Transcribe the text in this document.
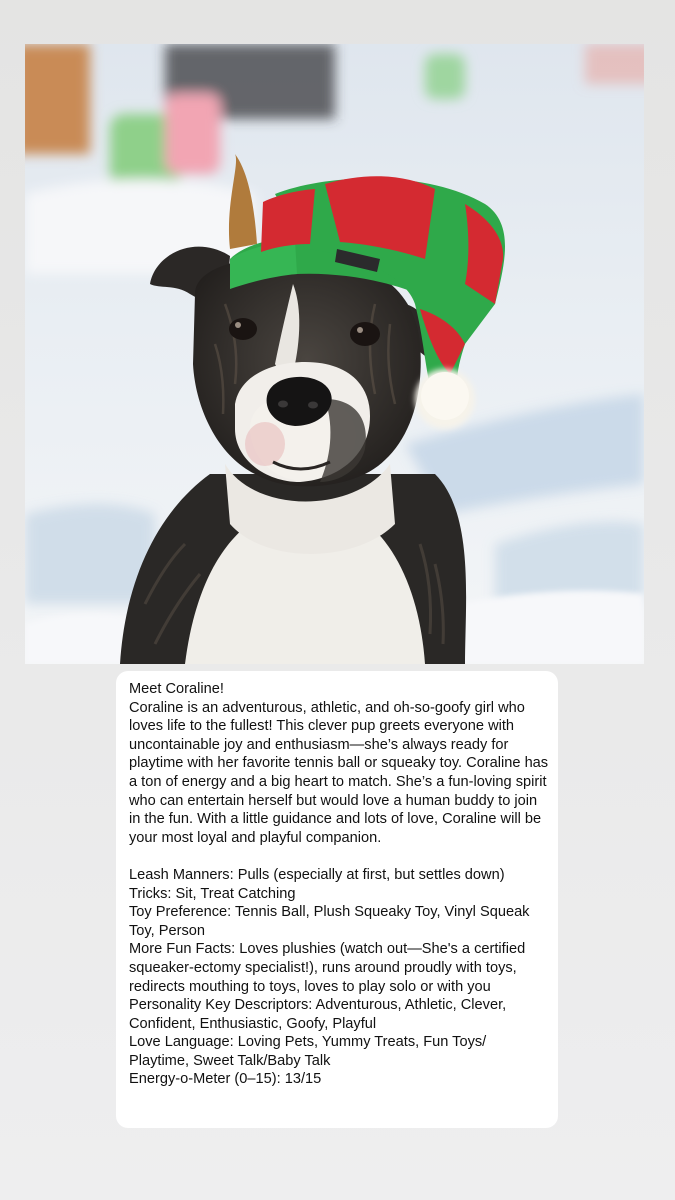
Meet Coraline!

Coraline is an adventurous, athletic, and oh-so-goofy girl who loves life to the fullest! This clever pup greets everyone with uncontainable joy and enthusiasm—she’s always ready for playtime with her favorite tennis ball or squeaky toy. Coraline has a ton of energy and a big heart to match. She’s a fun-loving spirit who can entertain herself but would love a human buddy to join in the fun. With a little guidance and lots of love, Coraline will be your most loyal and playful companion.

Leash Manners: Pulls (especially at first, but settles down)

Tricks: Sit, Treat Catching

Toy Preference: Tennis Ball, Plush Squeaky Toy, Vinyl Squeak Toy, Person

More Fun Facts: Loves plushies (watch out—She's a certified squeaker-ectomy specialist!), runs around proudly with toys, redirects mouthing to toys, loves to play solo or with you

Personality Key Descriptors: Adventurous, Athletic, Clever, Confident, Enthusiastic, Goofy, Playful

Love Language: Loving Pets, Yummy Treats, Fun Toys/ Playtime, Sweet Talk/Baby Talk

Energy-o-Meter (0–15): 13/15
